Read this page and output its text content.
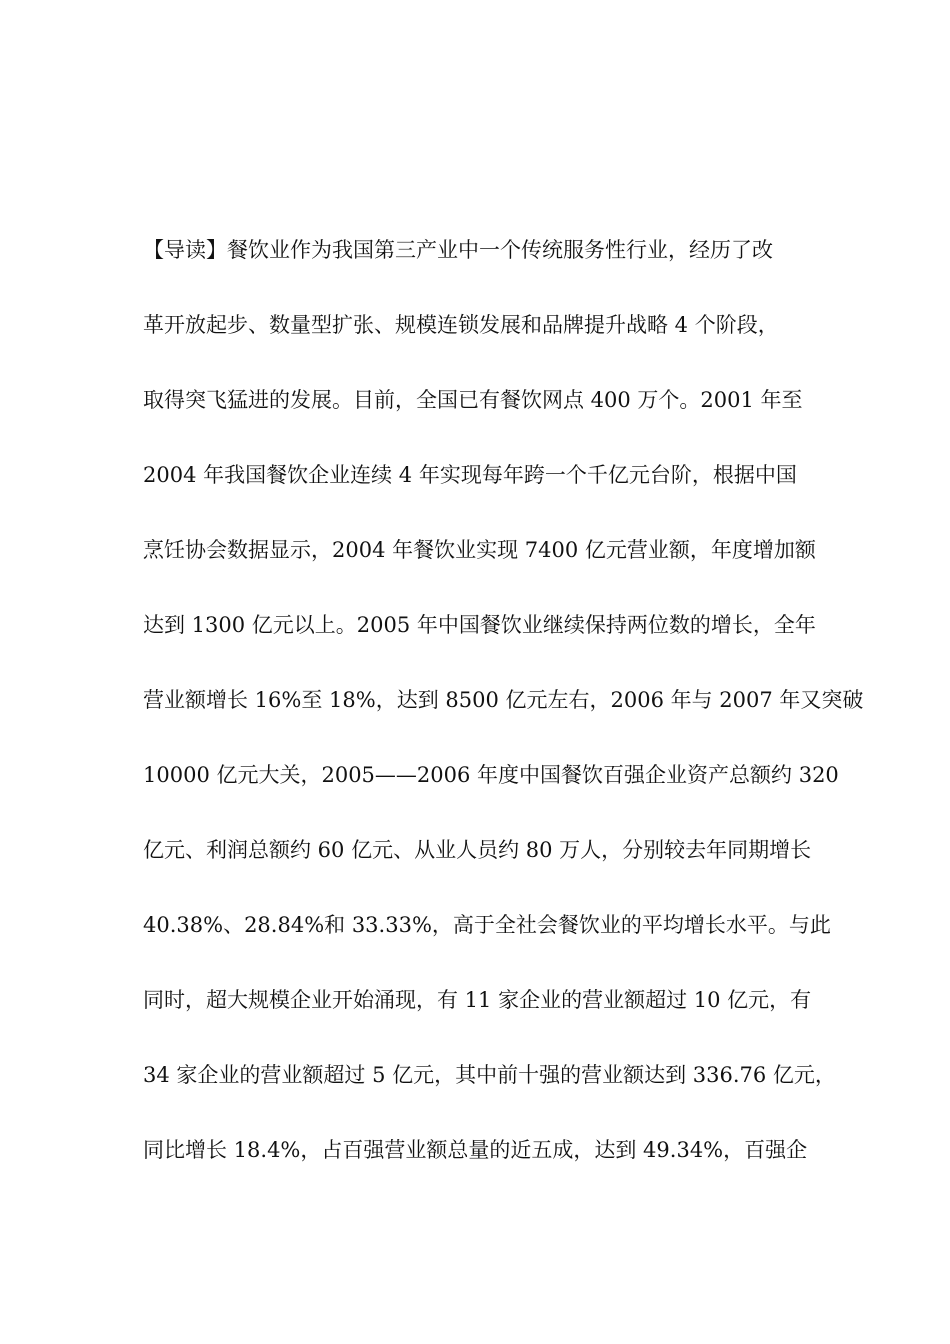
【导读】餐饮业作为我国第三产业中一个传统服务性行业，经历了改
革开放起步、数量型扩张、规模连锁发展和品牌提升战略 4 个阶段，
取得突飞猛进的发展。目前，全国已有餐饮网点 400 万个。2001 年至
2004 年我国餐饮企业连续 4 年实现每年跨一个千亿元台阶，根据中国
烹饪协会数据显示，2004 年餐饮业实现 7400 亿元营业额，年度增加额
达到 1300 亿元以上。2005 年中国餐饮业继续保持两位数的增长，全年
营业额增长 16%至 18%，达到 8500 亿元左右，2006 年与 2007 年又突破
10000 亿元大关，2005——2006 年度中国餐饮百强企业资产总额约 320
亿元、利润总额约 60 亿元、从业人员约 80 万人，分别较去年同期增长
40.38%、28.84%和 33.33%，高于全社会餐饮业的平均增长水平。与此
同时，超大规模企业开始涌现，有 11 家企业的营业额超过 10 亿元，有
34 家企业的营业额超过 5 亿元，其中前十强的营业额达到 336.76 亿元，
同比增长 18.4%，占百强营业额总量的近五成，达到 49.34%，百强企
